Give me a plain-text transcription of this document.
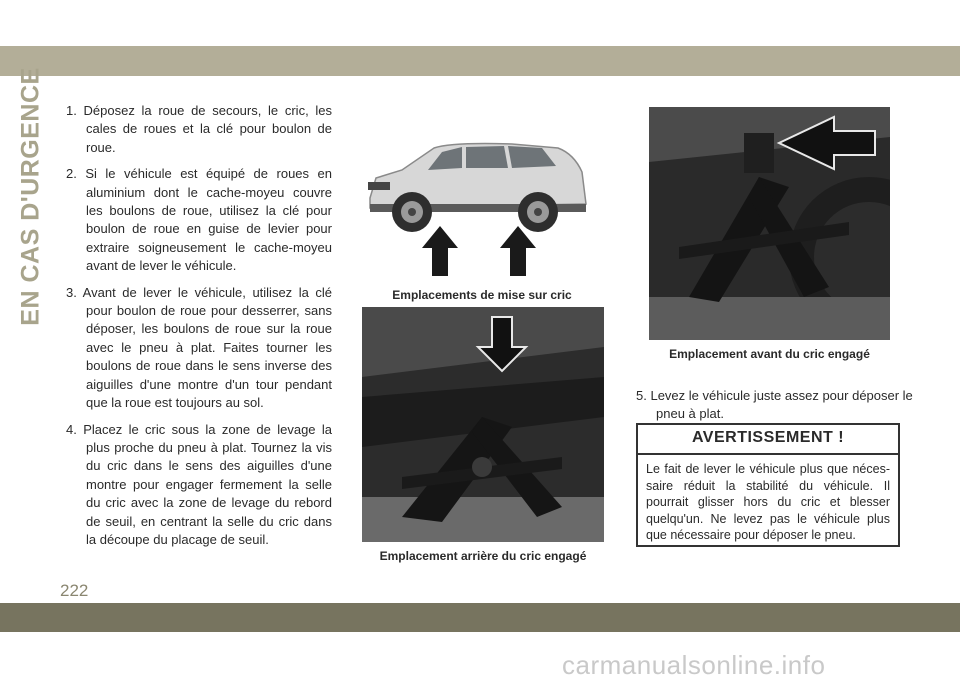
EN CAS D'URGENCE 1. Déposez la roue de secours, le cric, les cales de roues et la clé pour boulon de roue.

2. Si le véhicule est équipé de roues en aluminium dont le cache-moyeu couvre les boulons de roue, utilisez la clé pour boulon de roue en guise de levier pour extraire soigneusement le cache-moyeu avant de lever le véhicule.

3. Avant de lever le véhicule, utilisez la clé pour boulon de roue pour desserrer, sans déposer, les boulons de roue sur la roue avec le pneu à plat. Faites tourner les boulons de roue dans le sens inverse des aiguilles d'une montre d'un tour pendant que la roue est toujours au sol.

4. Placez le cric sous la zone de levage la plus proche du pneu à plat. Tournez la vis du cric dans le sens des aiguilles d'une montre pour engager fermement la selle du cric avec la zone de levage du rebord de seuil, en centrant la selle du cric dans la découpe du placage de seuil.

Emplacements de mise sur cric
Emplacement arrière du cric engagé
Emplacement avant du cric engagé

5. Levez le véhicule juste assez pour déposer le pneu à plat.

AVERTISSEMENT !
Le fait de lever le véhicule plus que néces-saire réduit la stabilité du véhicule. Il pourrait glisser hors du cric et blesser quelqu'un. Ne levez pas le véhicule plus que nécessaire pour déposer le pneu.
222
carmanualsonline.info
